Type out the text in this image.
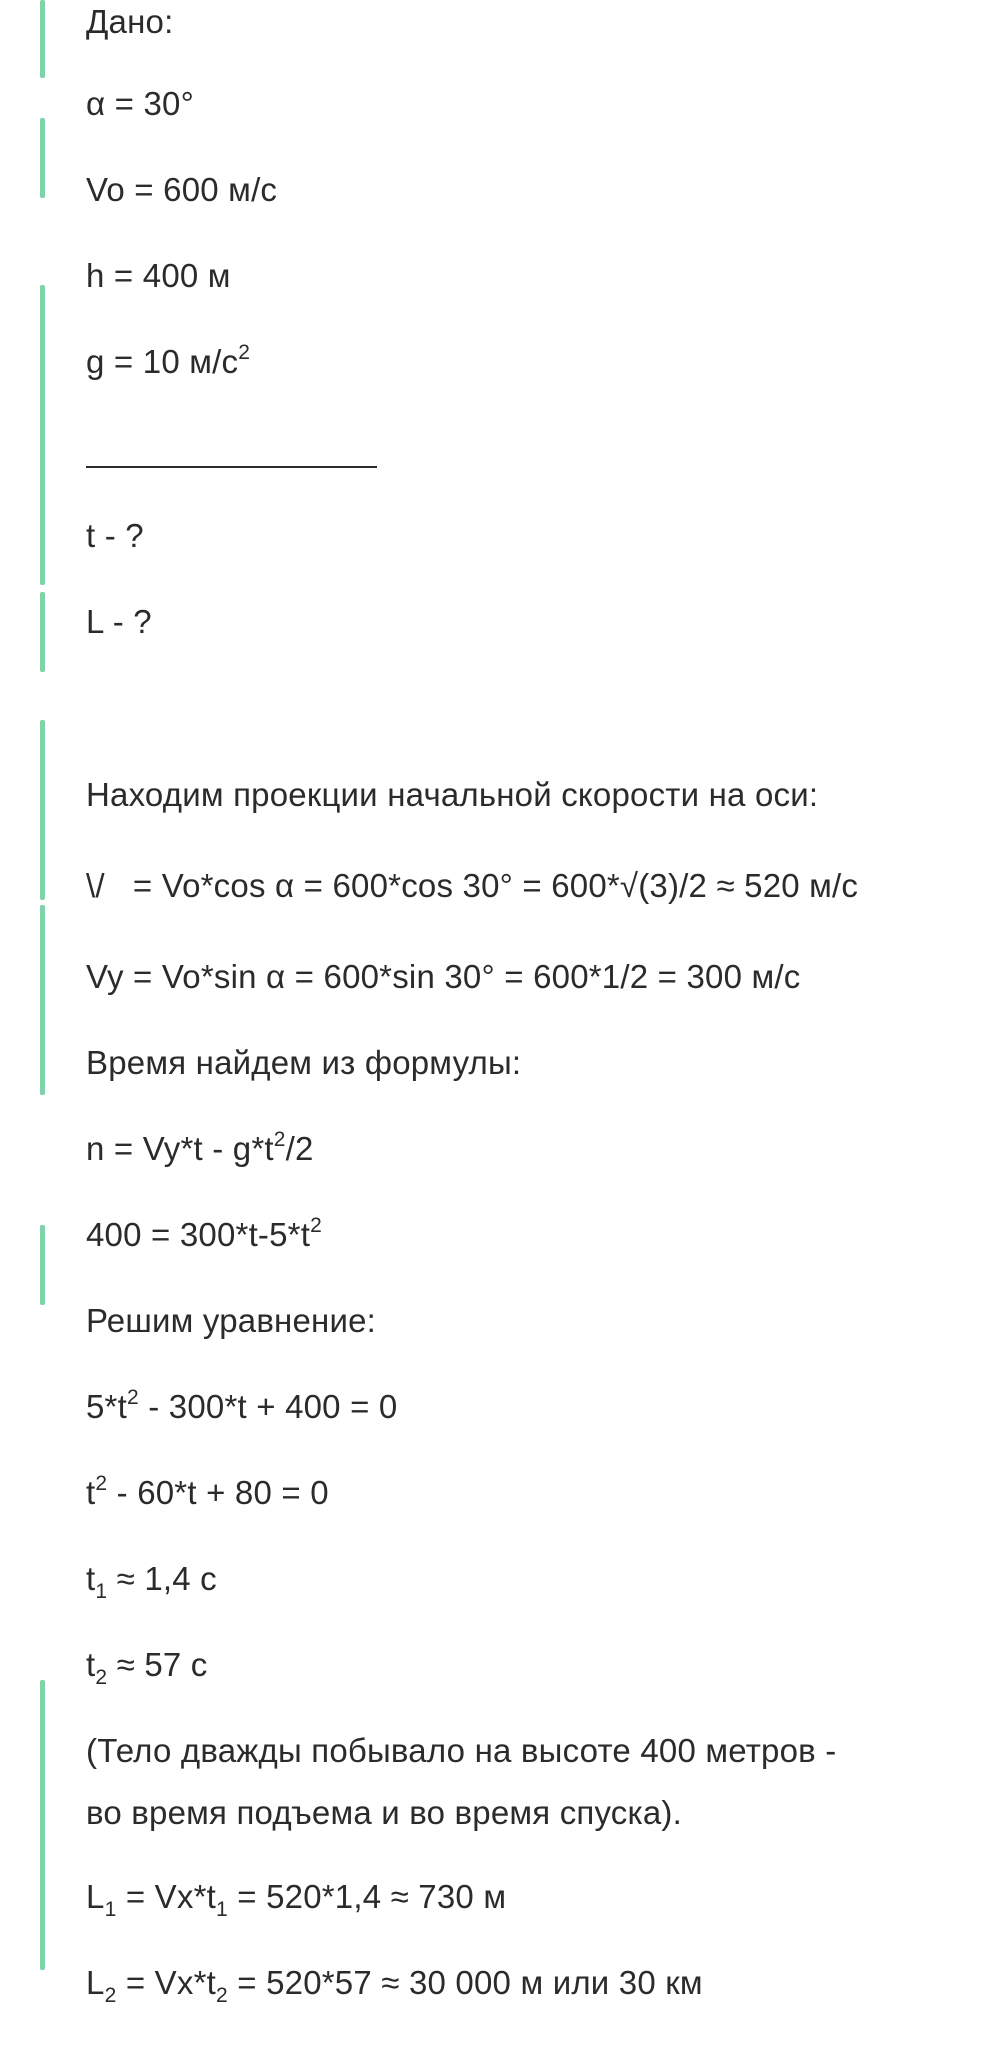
Дано:
α = 30°
Vo = 600 м/с
h = 400 м
g = 10 $м/с^2$
t - ?
L - ?
Находим проекции начальной скорости на оси:
\/ = Vo*cos α = 600*cos 30° = 600*√(3)/2 ≈ 520 м/с
Vy = Vo*sin α = 600*sin 30° = 600*1/2 = 300 м/с
Время найдем из формулы:
$n = Vy*t - g*t^2/2$
$400 = 300*t-5*t^2$
Решим уравнение:
$5*t^2 - 300*t + 400 = 0$
$t^2 - 60*t + 80 = 0$
$t_1 \approx 1,4$ с
$t_2 \approx 57$ с
(Тело дважды побывало на высоте 400 метров -
во время подъема и во время спуска).
$L_1 = Vx*t_1 = 520*1,4 \approx 730$ м
$L_2 = Vx*t_2 = 520*57 \approx 30$ 000 м или 30 км
